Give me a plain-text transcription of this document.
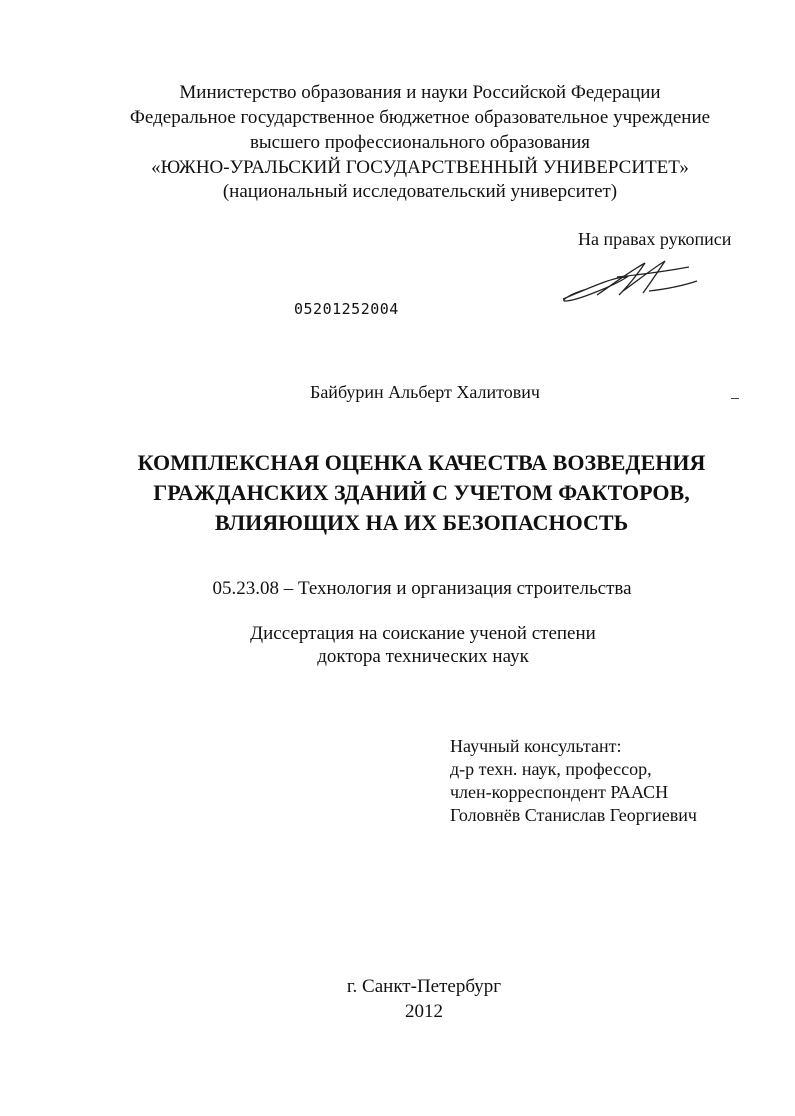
Министерство образования и науки Российской Федерации
Федеральное государственное бюджетное образовательное учреждение
высшего профессионального образования
«ЮЖНО-УРАЛЬСКИЙ ГОСУДАРСТВЕННЫЙ УНИВЕРСИТЕТ»
(национальный исследовательский университет)
На правах рукописи
05201252004
Байбурин Альберт Халитович
КОМПЛЕКСНАЯ ОЦЕНКА КАЧЕСТВА ВОЗВЕДЕНИЯ
ГРАЖДАНСКИХ ЗДАНИЙ С УЧЕТОМ ФАКТОРОВ,
ВЛИЯЮЩИХ НА ИХ БЕЗОПАСНОСТЬ
05.23.08 – Технология и организация строительства
Диссертация на соискание ученой степени
доктора технических наук
Научный консультант:
д-р техн. наук, профессор,
член-корреспондент РААСН
Головнёв Станислав Георгиевич
г. Санкт-Петербург
2012
